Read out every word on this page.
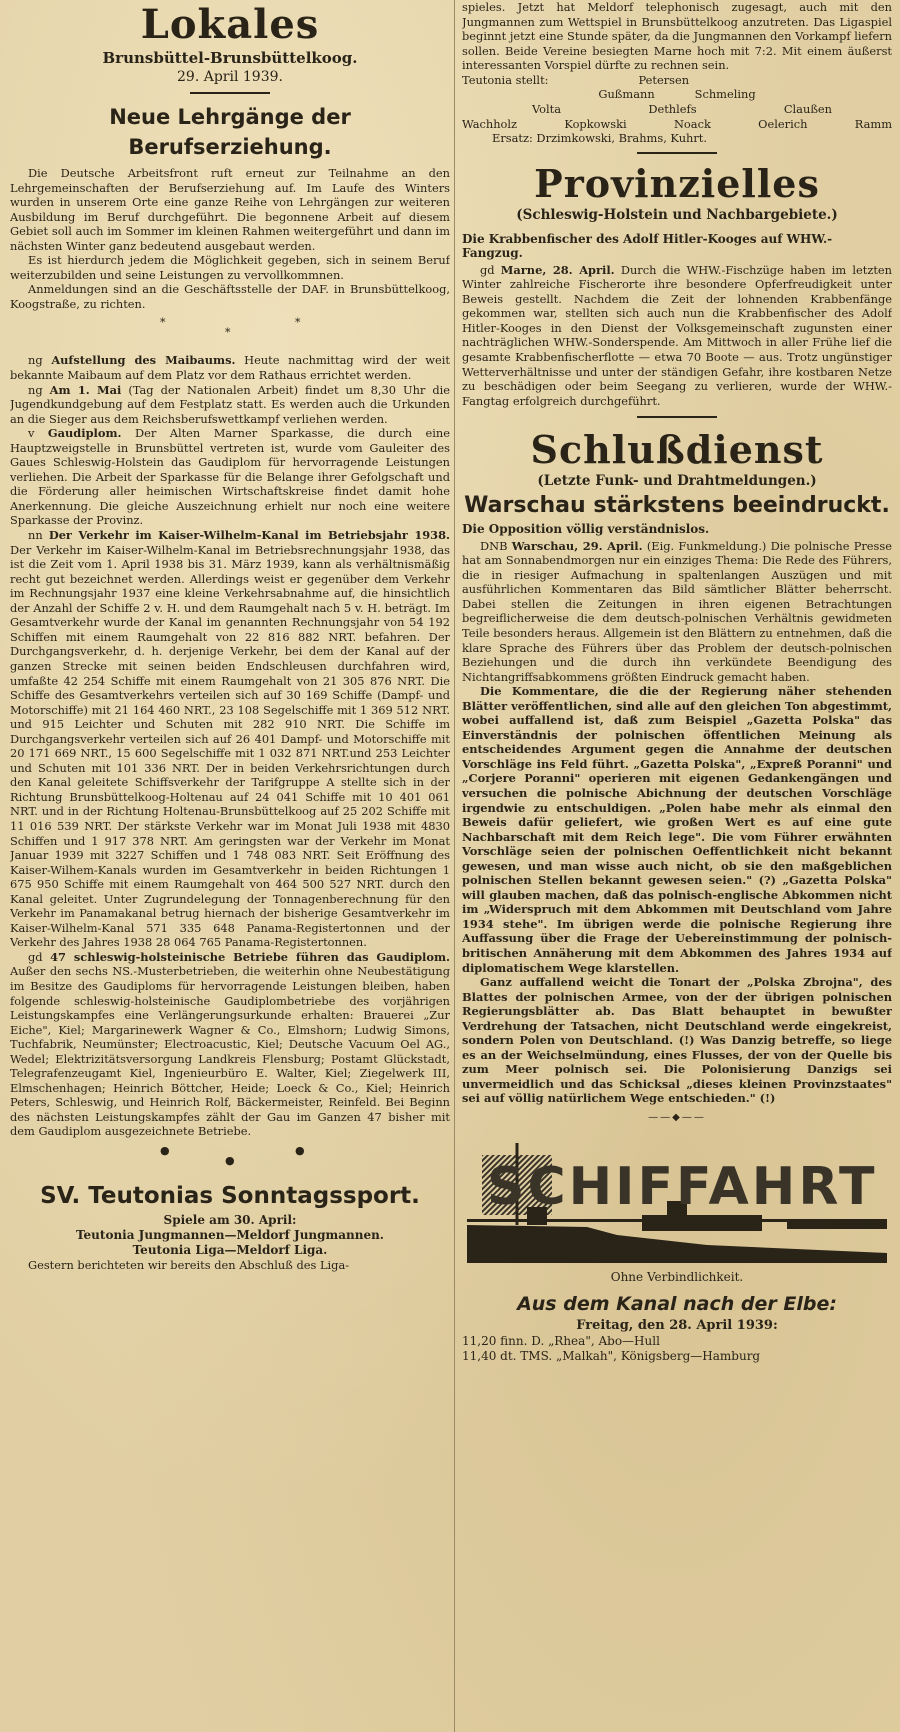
Lokales
Brunsbüttel-Brunsbüttelkoog.
29. April 1939.
Neue Lehrgänge der Berufserziehung.

Die Deutsche Arbeitsfront ruft erneut zur Teilnahme an den Lehrgemeinschaften der Berufserziehung auf. Im Laufe des Winters wurden in unserem Orte eine ganze Reihe von Lehrgängen zur weiteren Ausbildung im Beruf durchgeführt. Die begonnene Arbeit auf diesem Gebiet soll auch im Sommer im kleinen Rahmen weitergeführt und dann im nächsten Winter ganz bedeutend ausgebaut werden.

Es ist hierdurch jedem die Möglichkeit gegeben, sich in seinem Beruf weiterzubilden und seine Leistungen zu vervollkommnen.

Anmeldungen sind an die Geschäftsstelle der DAF. in Brunsbüttelkoog, Koogstraße, zu richten.

*
*
*

ng Aufstellung des Maibaums. Heute nachmittag wird der weit bekannte Maibaum auf dem Platz vor dem Rathaus errichtet werden.

ng Am 1. Mai (Tag der Nationalen Arbeit) findet um 8,30 Uhr die Jugendkundgebung auf dem Festplatz statt. Es werden auch die Urkunden an die Sieger aus dem Reichsberufswettkampf verliehen werden.

v Gaudiplom. Der Alten Marner Sparkasse, die durch eine Hauptzweigstelle in Brunsbüttel vertreten ist, wurde vom Gauleiter des Gaues Schleswig-Holstein das Gaudiplom für hervorragende Leistungen verliehen. Die Arbeit der Sparkasse für die Belange ihrer Gefolgschaft und die Förderung aller heimischen Wirtschaftskreise findet damit hohe Anerkennung. Die gleiche Auszeichnung erhielt nur noch eine weitere Sparkasse der Provinz.

nn Der Verkehr im Kaiser-Wilhelm-Kanal im Betriebsjahr 1938. Der Verkehr im Kaiser-Wilhelm-Kanal im Betriebsrechnungsjahr 1938, das ist die Zeit vom 1. April 1938 bis 31. März 1939, kann als verhältnismäßig recht gut bezeichnet werden. Allerdings weist er gegenüber dem Verkehr im Rechnungsjahr 1937 eine kleine Verkehrsabnahme auf, die hinsichtlich der Anzahl der Schiffe 2 v. H. und dem Raumgehalt nach 5 v. H. beträgt. Im Gesamtverkehr wurde der Kanal im genannten Rechnungsjahr von 54 192 Schiffen mit einem Raumgehalt von 22 816 882 NRT. befahren. Der Durchgangsverkehr, d. h. derjenige Verkehr, bei dem der Kanal auf der ganzen Strecke mit seinen beiden Endschleusen durchfahren wird, umfaßte 42 254 Schiffe mit einem Raumgehalt von 21 305 876 NRT. Die Schiffe des Gesamtverkehrs verteilen sich auf 30 169 Schiffe (Dampf- und Motorschiffe) mit 21 164 460 NRT., 23 108 Segelschiffe mit 1 369 512 NRT. und 915 Leichter und Schuten mit 282 910 NRT. Die Schiffe im Durchgangsverkehr verteilen sich auf 26 401 Dampf- und Motorschiffe mit 20 171 669 NRT., 15 600 Segelschiffe mit 1 032 871 NRT.und 253 Leichter und Schuten mit 101 336 NRT. Der in beiden Verkehrsrichtungen durch den Kanal geleitete Schiffsverkehr der Tarifgruppe A stellte sich in der Richtung Brunsbüttelkoog-Holtenau auf 24 041 Schiffe mit 10 401 061 NRT. und in der Richtung Holtenau-Brunsbüttelkoog auf 25 202 Schiffe mit 11 016 539 NRT. Der stärkste Verkehr war im Monat Juli 1938 mit 4830 Schiffen und 1 917 378 NRT. Am geringsten war der Verkehr im Monat Januar 1939 mit 3227 Schiffen und 1 748 083 NRT. Seit Eröffnung des Kaiser-Wilhem-Kanals wurden im Gesamtverkehr in beiden Richtungen 1 675 950 Schiffe mit einem Raumgehalt von 464 500 527 NRT. durch den Kanal geleitet. Unter Zugrundelegung der Tonnagenberechnung für den Verkehr im Panamakanal betrug hiernach der bisherige Gesamtverkehr im Kaiser-Wilhelm-Kanal 571 335 648 Panama-Registertonnen und der Verkehr des Jahres 1938 28 064 765 Panama-Registertonnen.

gd 47 schleswig-holsteinische Betriebe führen das Gaudiplom. Außer den sechs NS.-Musterbetrieben, die weiterhin ohne Neubestätigung im Besitze des Gaudiploms für hervorragende Leistungen bleiben, haben folgende schleswig-holsteinische Gaudiplombetriebe des vorjährigen Leistungskampfes eine Verlängerungsurkunde erhalten: Brauerei „Zur Eiche", Kiel; Margarinewerk Wagner & Co., Elmshorn; Ludwig Simons, Tuchfabrik, Neumünster; Electroacustic, Kiel; Deutsche Vacuum Oel AG., Wedel; Elektrizitätsversorgung Landkreis Flensburg; Postamt Glückstadt, Telegrafenzeugamt Kiel, Ingenieurbüro E. Walter, Kiel; Ziegelwerk III, Elmschenhagen; Heinrich Böttcher, Heide; Loeck & Co., Kiel; Heinrich Peters, Schleswig, und Heinrich Rolf, Bäckermeister, Reinfeld. Bei Beginn des nächsten Leistungskampfes zählt der Gau im Ganzen 47 bisher mit dem Gaudiplom ausgezeichnete Betriebe.

●
●
●
SV. Teutonias Sonntagssport.
Spiele am 30. April:
Teutonia Jungmannen—Meldorf Jungmannen.
Teutonia Liga—Meldorf Liga.

Gestern berichteten wir bereits den Abschluß des Liga-

spieles. Jetzt hat Meldorf telephonisch zugesagt, auch mit den Jungmannen zum Wettspiel in Brunsbüttelkoog anzutreten. Das Ligaspiel beginnt jetzt eine Stunde später, da die Jungmannen den Vorkampf liefern sollen. Beide Vereine besiegten Marne hoch mit 7:2. Mit einem äußerst interessanten Vorspiel dürfte zu rechnen sein.

Teutonia stellt:	Petersen
Gußmann	Schmeling
Volta	Dethlefs	Claußen
Wachholz	Kopkowski	Noack	Oelerich	Ramm
Ersatz: Drzimkowski, Brahms, Kuhrt.
Provinzielles
(Schleswig-Holstein und Nachbargebiete.)
Die Krabbenfischer des Adolf Hitler-Kooges auf WHW.-Fangzug.

gd Marne, 28. April. Durch die WHW.-Fischzüge haben im letzten Winter zahlreiche Fischerorte ihre besondere Opferfreudigkeit unter Beweis gestellt. Nachdem die Zeit der lohnenden Krabbenfänge gekommen war, stellten sich auch nun die Krabbenfischer des Adolf Hitler-Kooges in den Dienst der Volksgemeinschaft zugunsten einer nachträglichen WHW.-Sonderspende. Am Mittwoch in aller Frühe lief die gesamte Krabbenfischerflotte — etwa 70 Boote — aus. Trotz ungünstiger Wetterverhältnisse und unter der ständigen Gefahr, ihre kostbaren Netze zu beschädigen oder beim Seegang zu verlieren, wurde der WHW.-Fangtag erfolgreich durchgeführt.

Schlußdienst
(Letzte Funk- und Drahtmeldungen.)
Warschau stärkstens beeindruckt.
Die Opposition völlig verständnislos.

DNB Warschau, 29. April. (Eig. Funkmeldung.) Die polnische Presse hat am Sonnabendmorgen nur ein einziges Thema: Die Rede des Führers, die in riesiger Aufmachung in spaltenlangen Auszügen und mit ausführlichen Kommentaren das Bild sämtlicher Blätter beherrscht. Dabei stellen die Zeitungen in ihren eigenen Betrachtungen begreiflicherweise die dem deutsch-polnischen Verhältnis gewidmeten Teile besonders heraus. Allgemein ist den Blättern zu entnehmen, daß die klare Sprache des Führers über das Problem der deutsch-polnischen Beziehungen und die durch ihn verkündete Beendigung des Nichtangriffsabkommens größten Eindruck gemacht haben.

Die Kommentare, die die der Regierung näher stehenden Blätter veröffentlichen, sind alle auf den gleichen Ton abgestimmt, wobei auffallend ist, daß zum Beispiel „Gazetta Polska" das Einverständnis der polnischen öffentlichen Meinung als entscheidendes Argument gegen die Annahme der deutschen Vorschläge ins Feld führt. „Gazetta Polska", „Expreß Poranni" und „Corjere Poranni" operieren mit eigenen Gedankengängen und versuchen die polnische Abichnung der deutschen Vorschläge irgendwie zu entschuldigen. „Polen habe mehr als einmal den Beweis dafür geliefert, wie großen Wert es auf eine gute Nachbarschaft mit dem Reich lege". Die vom Führer erwähnten Vorschläge seien der polnischen Oeffentlichkeit nicht bekannt gewesen, und man wisse auch nicht, ob sie den maßgeblichen polnischen Stellen bekannt gewesen seien." (?) „Gazetta Polska" will glauben machen, daß das polnisch-englische Abkommen nicht im „Widerspruch mit dem Abkommen mit Deutschland vom Jahre 1934 stehe". Im übrigen werde die polnische Regierung ihre Auffassung über die Frage der Uebereinstimmung der polnisch-britischen Annäherung mit dem Abkommen des Jahres 1934 auf diplomatischem Wege klarstellen.

Ganz auffallend weicht die Tonart der „Polska Zbrojna", des Blattes der polnischen Armee, von der der übrigen polnischen Regierungsblätter ab. Das Blatt behauptet in bewußter Verdrehung der Tatsachen, nicht Deutschland werde eingekreist, sondern Polen von Deutschland. (!) Was Danzig betreffe, so liege es an der Weichselmündung, eines Flusses, der von der Quelle bis zum Meer polnisch sei. Die Polonisierung Danzigs sei unvermeidlich und das Schicksal „dieses kleinen Provinzstaates" sei auf völlig natürlichem Wege entschieden." (!)

——◆——
SCHIFFAHRT
Ohne Verbindlichkeit.
Aus dem Kanal nach der Elbe:
Freitag, den 28. April 1939:
11,20 finn. D. „Rhea", Abo—Hull
11,40 dt. TMS. „Malkah", Königsberg—Hamburg
